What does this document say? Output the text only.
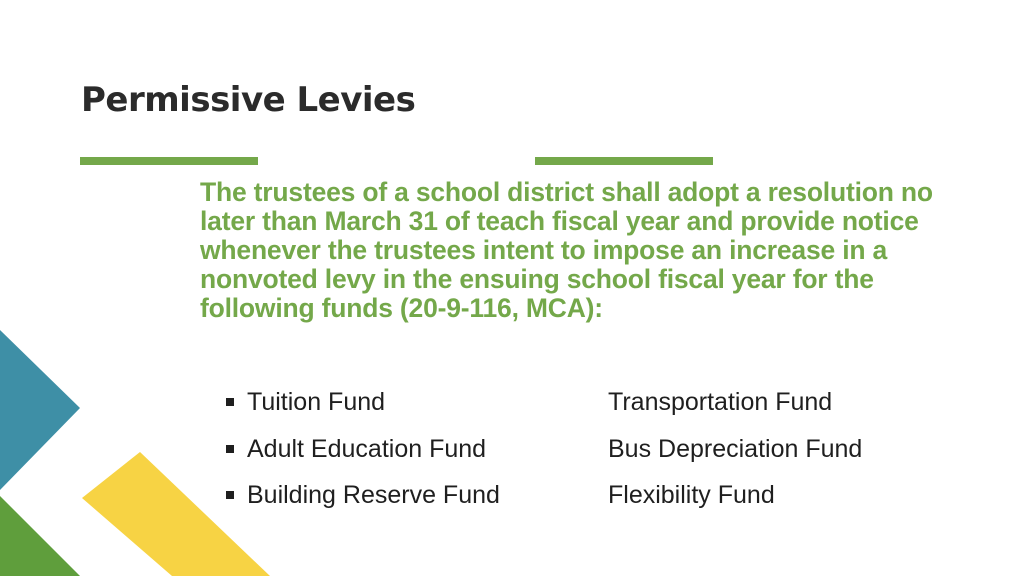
Permissive Levies

The trustees of a school district shall adopt a resolution no later than March 31 of teach fiscal year and provide notice whenever the trustees intent to impose an increase in a nonvoted levy in the ensuing school fiscal year for the following funds (20-9-116, MCA):

Tuition Fund
Adult Education Fund
Building Reserve Fund
Transportation Fund
Bus Depreciation Fund
Flexibility Fund
